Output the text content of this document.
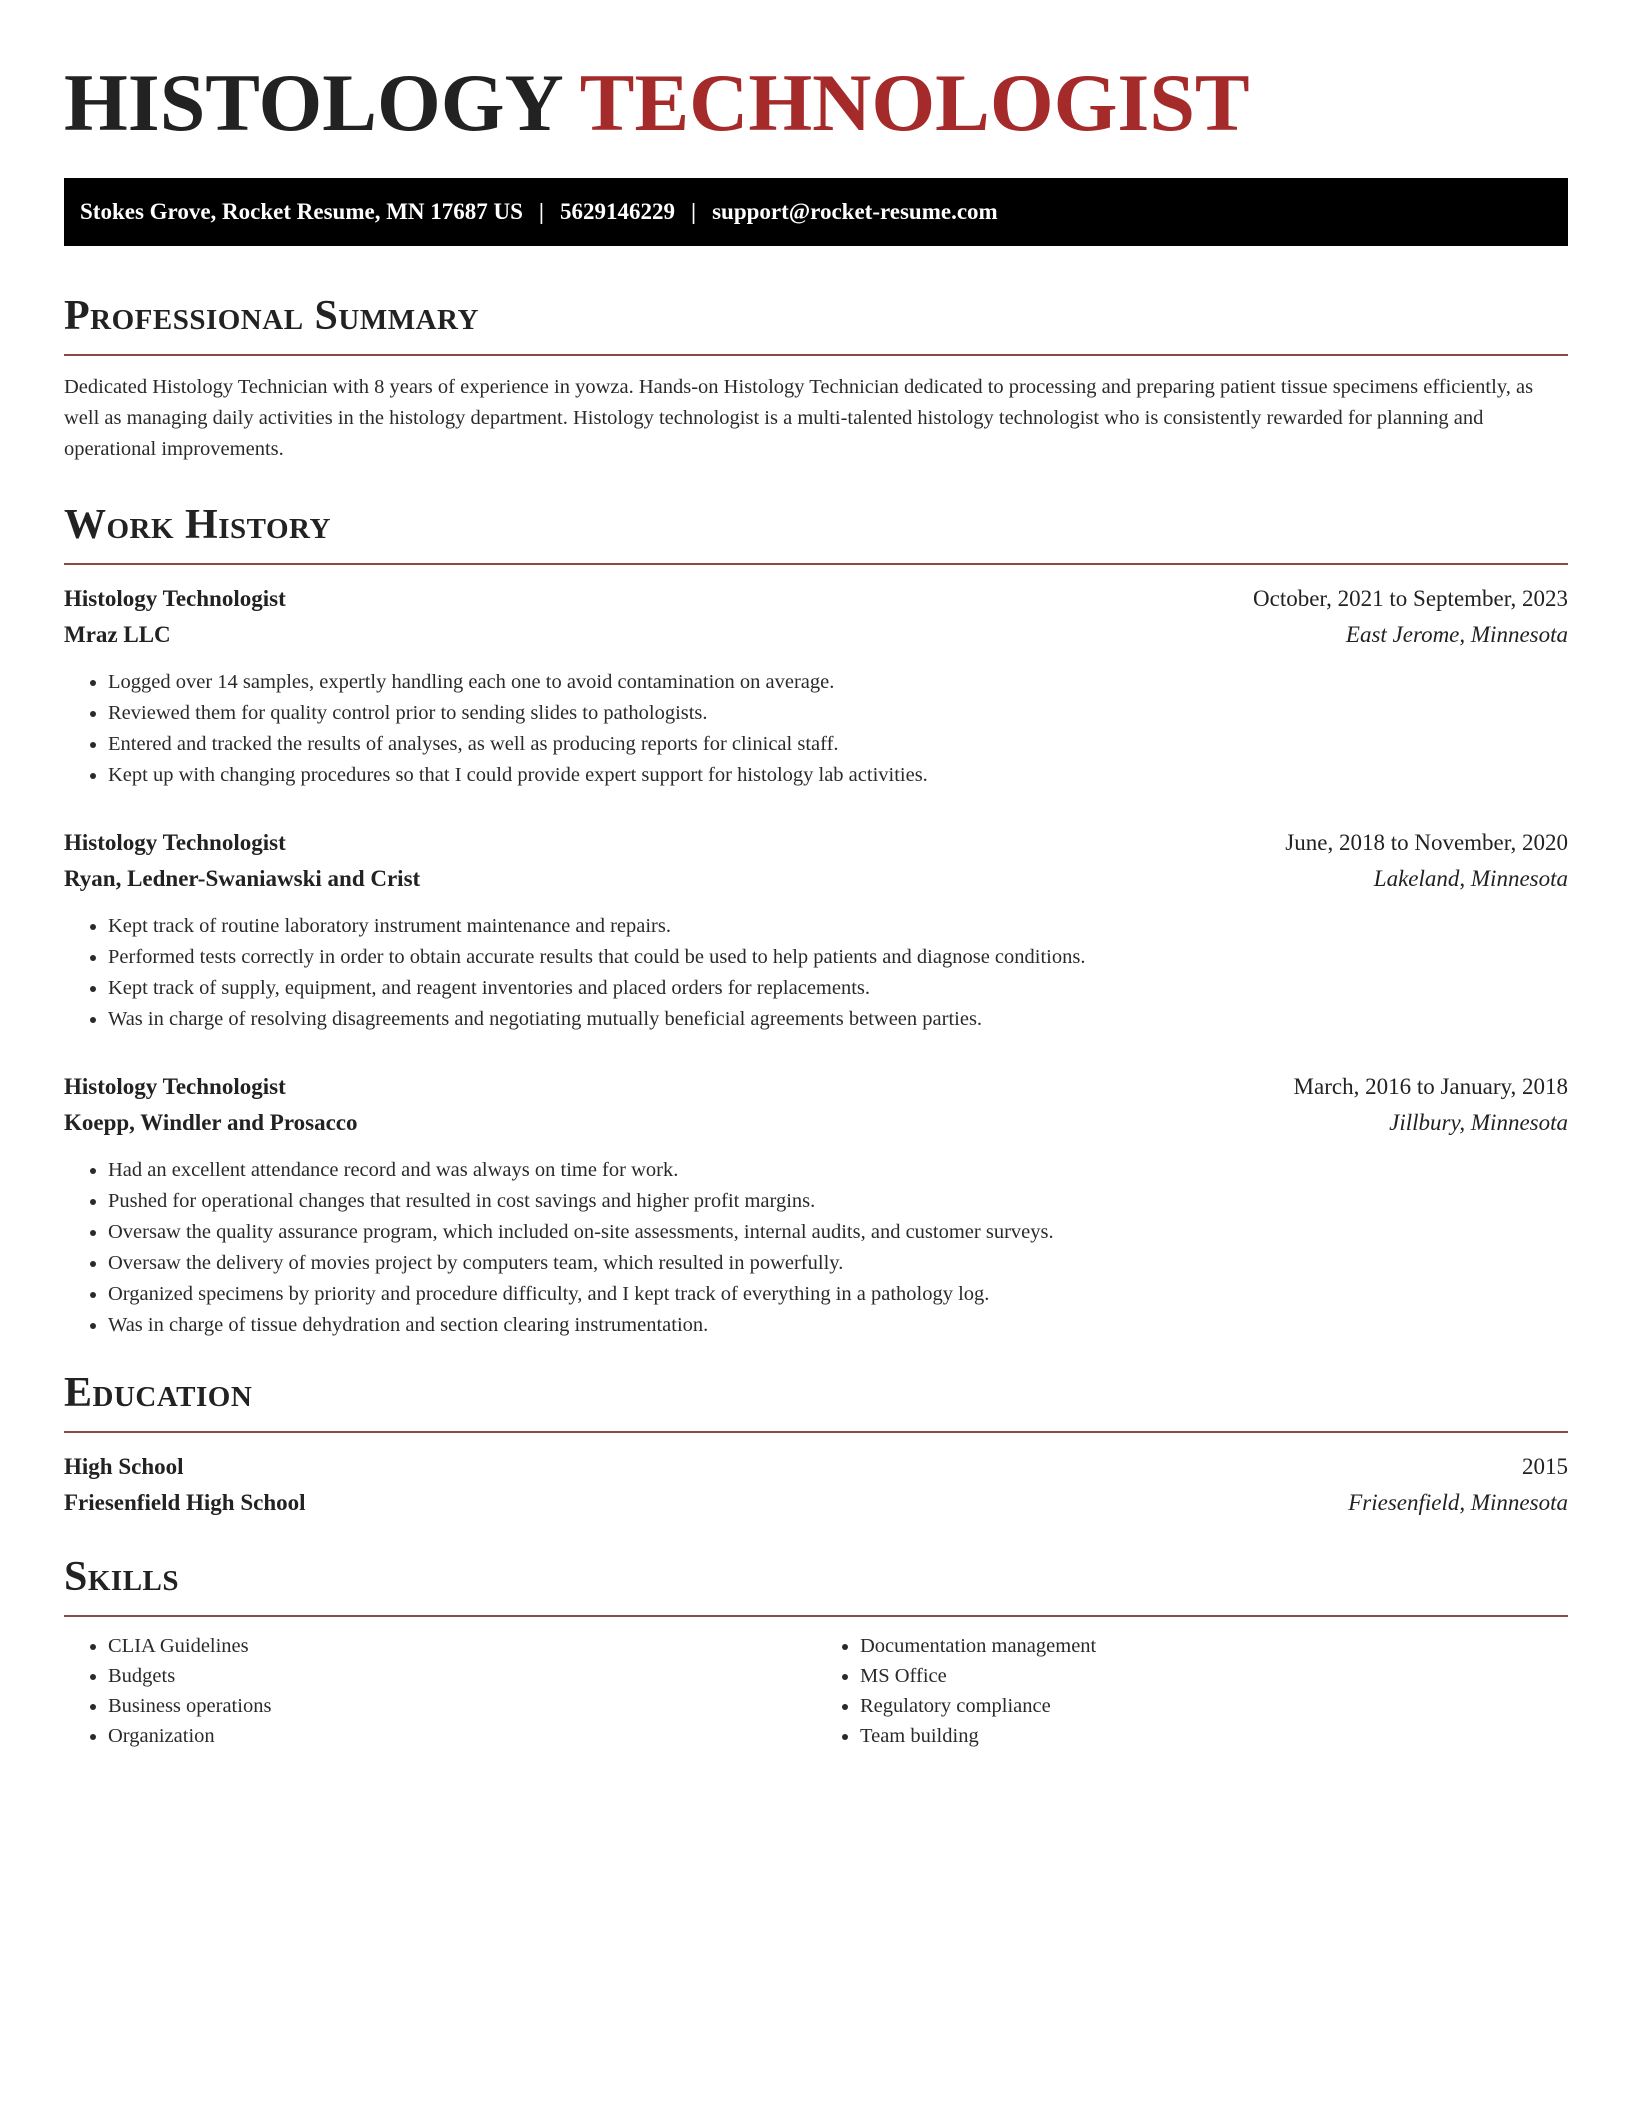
HISTOLOGY TECHNOLOGIST
Stokes Grove, Rocket Resume, MN 17687 US | 5629146229 | support@rocket-resume.com
Professional Summary

Dedicated Histology Technician with 8 years of experience in yowza. Hands-on Histology Technician dedicated to processing and preparing patient tissue specimens efficiently, as well as managing daily activities in the histology department. Histology technologist is a multi-talented histology technologist who is consistently rewarded for planning and operational improvements.

Work History
Histology Technologist	October, 2021 to September, 2023
Mraz LLC	East Jerome, Minnesota
• Logged over 14 samples, expertly handling each one to avoid contamination on average.
• Reviewed them for quality control prior to sending slides to pathologists.
• Entered and tracked the results of analyses, as well as producing reports for clinical staff.
• Kept up with changing procedures so that I could provide expert support for histology lab activities.
Histology Technologist	June, 2018 to November, 2020
Ryan, Ledner-Swaniawski and Crist	Lakeland, Minnesota
• Kept track of routine laboratory instrument maintenance and repairs.
• Performed tests correctly in order to obtain accurate results that could be used to help patients and diagnose conditions.
• Kept track of supply, equipment, and reagent inventories and placed orders for replacements.
• Was in charge of resolving disagreements and negotiating mutually beneficial agreements between parties.
Histology Technologist	March, 2016 to January, 2018
Koepp, Windler and Prosacco	Jillbury, Minnesota
• Had an excellent attendance record and was always on time for work.
• Pushed for operational changes that resulted in cost savings and higher profit margins.
• Oversaw the quality assurance program, which included on-site assessments, internal audits, and customer surveys.
• Oversaw the delivery of movies project by computers team, which resulted in powerfully.
• Organized specimens by priority and procedure difficulty, and I kept track of everything in a pathology log.
• Was in charge of tissue dehydration and section clearing instrumentation.
Education
High School	2015
Friesenfield High School	Friesenfield, Minnesota
Skills
• CLIA Guidelines
• Budgets
• Business operations
• Organization
• Documentation management
• MS Office
• Regulatory compliance
• Team building
